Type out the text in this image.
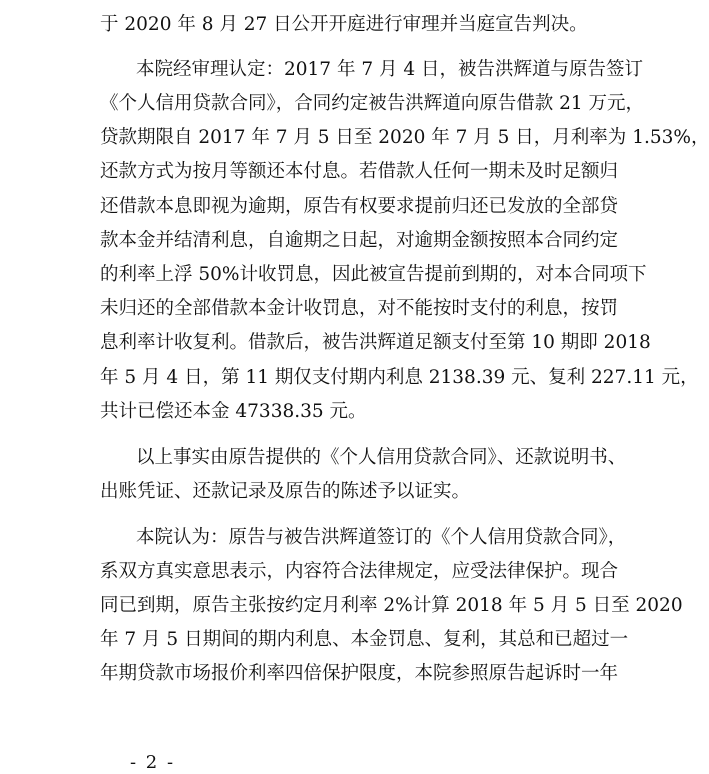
于 2020 年 8 月 27 日公开开庭进行审理并当庭宣告判决。
本院经审理认定：2017 年 7 月 4 日，被告洪辉道与原告签订
《个人信用贷款合同》，合同约定被告洪辉道向原告借款 21 万元，
贷款期限自 2017 年 7 月 5 日至 2020 年 7 月 5 日，月利率为 1.53%，
还款方式为按月等额还本付息。若借款人任何一期未及时足额归
还借款本息即视为逾期，原告有权要求提前归还已发放的全部贷
款本金并结清利息，自逾期之日起，对逾期金额按照本合同约定
的利率上浮 50%计收罚息，因此被宣告提前到期的，对本合同项下
未归还的全部借款本金计收罚息，对不能按时支付的利息，按罚
息利率计收复利。借款后，被告洪辉道足额支付至第 10 期即 2018
年 5 月 4 日，第 11 期仅支付期内利息 2138.39 元、复利 227.11 元，
共计已偿还本金 47338.35 元。
以上事实由原告提供的《个人信用贷款合同》、还款说明书、
出账凭证、还款记录及原告的陈述予以证实。
本院认为：原告与被告洪辉道签订的《个人信用贷款合同》，
系双方真实意思表示，内容符合法律规定，应受法律保护。现合
同已到期，原告主张按约定月利率 2%计算 2018 年 5 月 5 日至 2020
年 7 月 5 日期间的期内利息、本金罚息、复利，其总和已超过一
年期贷款市场报价利率四倍保护限度，本院参照原告起诉时一年
- 2 -
